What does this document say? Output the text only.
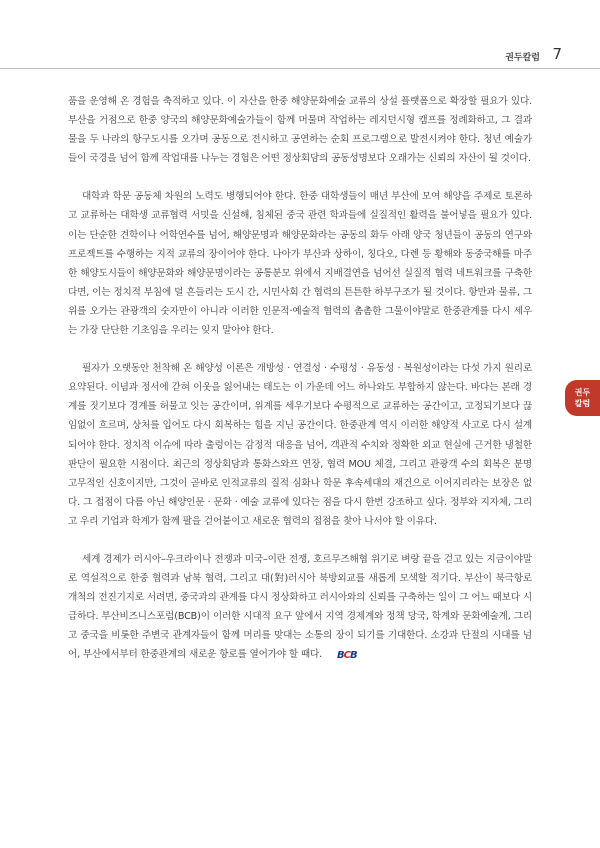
권두칼럼 7
권두
칼럼

품을 운영해 온 경험을 축적하고 있다. 이 자산을 한중 해양문화예술 교류의 상설 플랫폼으로 확장할 필요가 있다. 부산을 거점으로 한중 양국의 해양문화예술가들이 함께 머물며 작업하는 레지던시형 캠프를 정례화하고, 그 결과물을 두 나라의 항구도시를 오가며 공동으로 전시하고 공연하는 순회 프로그램으로 발전시켜야 한다. 청년 예술가들이 국경을 넘어 함께 작업대를 나누는 경험은 어떤 정상회담의 공동성명보다 오래가는 신뢰의 자산이 될 것이다.

대학과 학문 공동체 차원의 노력도 병행되어야 한다. 한중 대학생들이 매년 부산에 모여 해양을 주제로 토론하고 교류하는 대학생 교류협력 서밋을 신설해, 침체된 중국 관련 학과들에 실질적인 활력을 불어넣을 필요가 있다. 이는 단순한 견학이나 어학연수를 넘어, 해양문명과 해양문화라는 공동의 화두 아래 양국 청년들이 공동의 연구와 프로젝트를 수행하는 지적 교류의 장이어야 한다. 나아가 부산과 상하이, 칭다오, 다롄 등 황해와 동중국해를 마주한 해양도시들이 해양문화와 해양문명이라는 공통분모 위에서 지배결연을 넘어선 실질적 협력 네트워크를 구축한다면, 이는 정치적 부침에 덜 흔들리는 도시 간, 시민사회 간 협력의 튼튼한 하부구조가 될 것이다. 항만과 물류, 그 위를 오가는 관광객의 숫자만이 아니라 이러한 인문적·예술적 협력의 촘촘한 그물이야말로 한중관계를 다시 세우는 가장 단단한 기초임을 우리는 잊지 말아야 한다.

필자가 오랫동안 천착해 온 해양성 이론은 개방성 · 연결성 · 수평성 · 유동성 · 복원성이라는 다섯 가지 원리로 요약된다. 이념과 정서에 갇혀 이웃을 잃어내는 태도는 이 가운데 어느 하나와도 부합하지 않는다. 바다는 본래 경계를 짓기보다 경계를 허물고 잇는 공간이며, 위계를 세우기보다 수평적으로 교류하는 공간이고, 고정되기보다 끊임없이 흐르며, 상처를 입어도 다시 회복하는 힘을 지닌 공간이다. 한중관계 역시 이러한 해양적 사고로 다시 설계되어야 한다. 정치적 이슈에 따라 출렁이는 감정적 대응을 넘어, 객관적 수치와 정확한 외교 현실에 근거한 냉철한 판단이 필요한 시점이다. 최근의 정상회담과 통화스와프 연장, 협력 MOU 체결, 그리고 관광객 수의 회복은 분명 고무적인 신호이지만, 그것이 곧바로 인적교류의 질적 심화나 학문 후속세대의 재건으로 이어지리라는 보장은 없다. 그 접점이 다름 아닌 해양인문 · 문화 · 예술 교류에 있다는 점을 다시 한번 강조하고 싶다. 정부와 지자체, 그리고 우리 기업과 학계가 함께 팔을 걷어붙이고 새로운 협력의 접점을 찾아 나서야 할 이유다.

세계 경제가 러시아–우크라이나 전쟁과 미국–이란 전쟁, 호르무즈해협 위기로 벼랑 끝을 걷고 있는 지금이야말로 역설적으로 한중 협력과 남북 협력, 그리고 대(對)러시아 북방외교를 새롭게 모색할 적기다. 부산이 북극항로 개척의 전진기지로 서려면, 중국과의 관계를 다시 정상화하고 러시아와의 신뢰를 구축하는 일이 그 어느 때보다 시급하다. 부산비즈니스포럼(BCB)이 이러한 시대적 요구 앞에서 지역 경제계와 정책 당국, 학계와 문화예술계, 그리고 중국을 비롯한 주변국 관계자들이 함께 머리를 맞대는 소통의 장이 되기를 기대한다. 소강과 단절의 시대를 넘어, 부산에서부터 한중관계의 새로운 항로를 열어가야 할 때다. BCB
